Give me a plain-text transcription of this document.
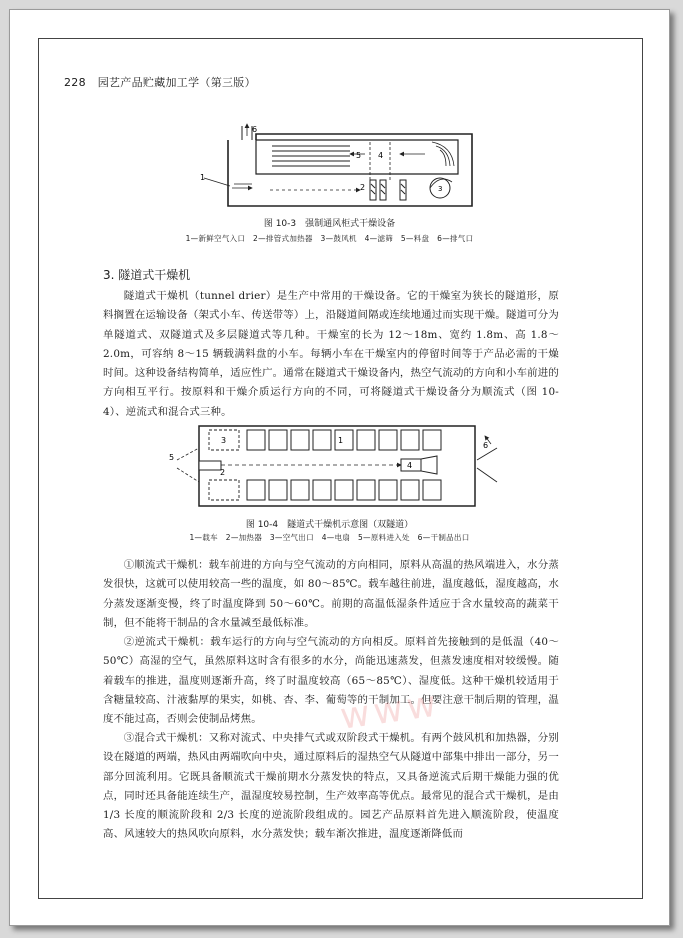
228 园艺产品贮藏加工学（第三版）
6
1
2
5 4
3
图 10-3　强制通风柜式干燥设备
1—新鲜空气入口　2—排管式加热器　3—鼓风机　4—滤筛　5—料盘　6—排气口
3. 隧道式干燥机

隧道式干燥机（tunnel drier）是生产中常用的干燥设备。它的干燥室为狭长的隧道形，原料搁置在运输设备（架式小车、传送带等）上，沿隧道间隔或连续地通过而实现干燥。隧道可分为单隧道式、双隧道式及多层隧道式等几种。干燥室的长为 12～18m、宽约 1.8m、高 1.8～2.0m，可容纳 8～15 辆载满料盘的小车。每辆小车在干燥室内的停留时间等于产品必需的干燥时间。这种设备结构简单，适应性广。通常在隧道式干燥设备内，热空气流动的方向和小车前进的方向相互平行。按原料和干燥介质运行方向的不同，可将隧道式干燥设备分为顺流式（图 10-4）、逆流式和混合式三种。

1
2
3
4
5
6
图 10-4　隧道式干燥机示意图（双隧道）
1—载车　2—加热器　3—空气出口　4—电扇　5—原料进入处　6—干制品出口

①顺流式干燥机：载车前进的方向与空气流动的方向相同，原料从高温的热风端进入，水分蒸发很快，这就可以使用较高一些的温度，如 80～85℃。载车越往前进，温度越低，湿度越高，水分蒸发逐渐变慢，终了时温度降到 50～60℃。前期的高温低湿条件适应于含水量较高的蔬菜干制，但不能将干制品的含水量减至最低标准。

②逆流式干燥机：载车运行的方向与空气流动的方向相反。原料首先接触到的是低温（40～50℃）高湿的空气，虽然原料这时含有很多的水分，尚能迅速蒸发，但蒸发速度相对较缓慢。随着载车的推进，温度则逐渐升高，终了时温度较高（65～85℃）、湿度低。这种干燥机较适用于含糖量较高、汁液黏厚的果实，如桃、杏、李、葡萄等的干制加工。但要注意干制后期的管理，温度不能过高，否则会使制品烤焦。

③混合式干燥机：又称对流式、中央排气式或双阶段式干燥机。有两个鼓风机和加热器，分别设在隧道的两端，热风由两端吹向中央，通过原料后的湿热空气从隧道中部集中排出一部分，另一部分回流利用。它既具备顺流式干燥前期水分蒸发快的特点，又具备逆流式后期干燥能力强的优点，同时还具备能连续生产，温湿度较易控制，生产效率高等优点。最常见的混合式干燥机，是由 1/3 长度的顺流阶段和 2/3 长度的逆流阶段组成的。园艺产品原料首先进入顺流阶段，使温度高、风速较大的热风吹向原料，水分蒸发快；载车渐次推进，温度逐渐降低而

www
